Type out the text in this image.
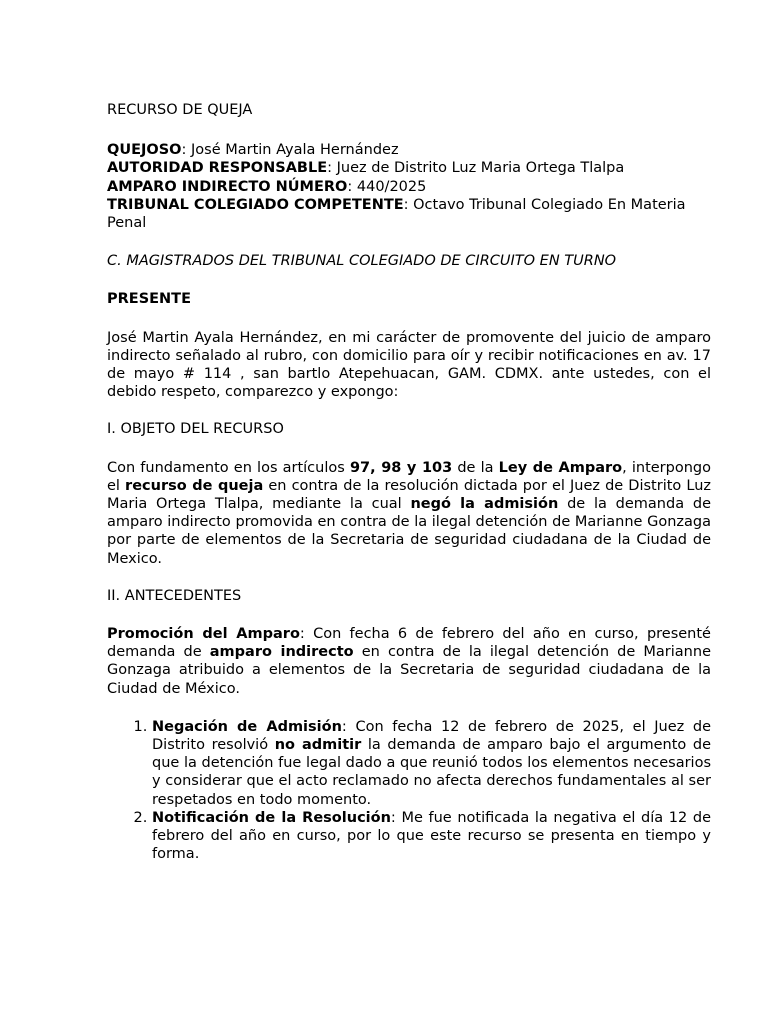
RECURSO DE QUEJA

QUEJOSO: José Martin Ayala Hernández

AUTORIDAD RESPONSABLE: Juez de Distrito Luz Maria Ortega Tlalpa

AMPARO INDIRECTO NÚMERO: 440/2025

TRIBUNAL COLEGIADO COMPETENTE: Octavo Tribunal Colegiado En Materia Penal

C. MAGISTRADOS DEL TRIBUNAL COLEGIADO DE CIRCUITO EN TURNO

PRESENTE

José Martin Ayala Hernández, en mi carácter de promovente del juicio de amparo indirecto señalado al rubro, con domicilio para oír y recibir notificaciones en av. 17 de mayo # 114 , san bartlo Atepehuacan, GAM. CDMX. ante ustedes, con el debido respeto, comparezco y expongo:

I. OBJETO DEL RECURSO

Con fundamento en los artículos 97, 98 y 103 de la Ley de Amparo, interpongo el recurso de queja en contra de la resolución dictada por el Juez de Distrito Luz Maria Ortega Tlalpa, mediante la cual negó la admisión de la demanda de amparo indirecto promovida en contra de la ilegal detención de Marianne Gonzaga por parte de elementos de la Secretaria de seguridad ciudadana de la Ciudad de Mexico.

II. ANTECEDENTES

Promoción del Amparo: Con fecha 6 de febrero del año en curso, presenté demanda de amparo indirecto en contra de la ilegal detención de Marianne Gonzaga atribuido a elementos de la Secretaria de seguridad ciudadana de la Ciudad de México.

1. Negación de Admisión: Con fecha 12 de febrero de 2025, el Juez de Distrito resolvió no admitir la demanda de amparo bajo el argumento de que la detención fue legal dado a que reunió todos los elementos necesarios y considerar que el acto reclamado no afecta derechos fundamentales al ser respetados en todo momento.
2. Notificación de la Resolución: Me fue notificada la negativa el día 12 de febrero del año en curso, por lo que este recurso se presenta en tiempo y forma.
